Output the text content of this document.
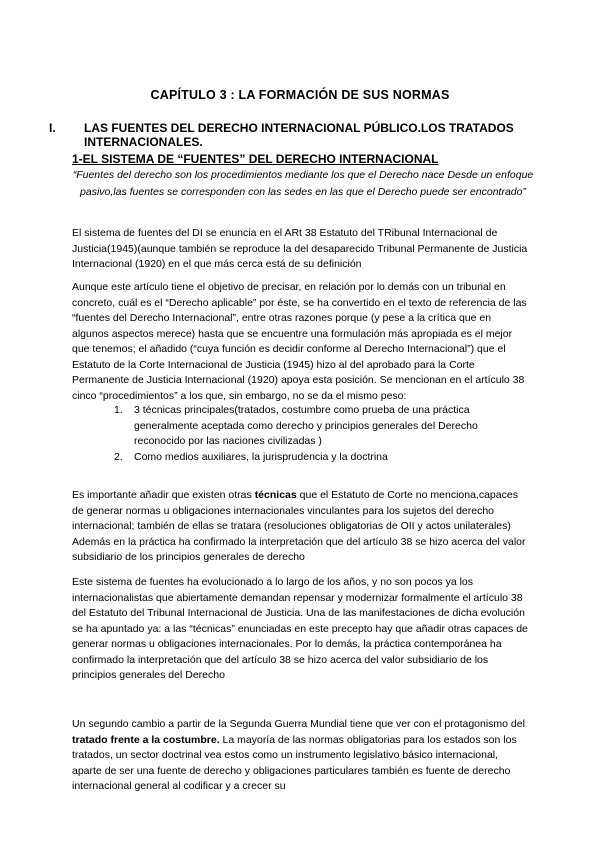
CAPÍTULO 3 : LA FORMACIÓN DE SUS NORMAS
I. LAS FUENTES DEL DERECHO INTERNACIONAL PÚBLICO.LOS TRATADOS INTERNACIONALES.
1-EL SISTEMA DE “FUENTES” DEL DERECHO INTERNACIONAL

“Fuentes del derecho son los procedimientos mediante los que el Derecho nace Desde un enfoque pasivo,las fuentes se corresponden con las sedes en las que el Derecho puede ser encontrado”

El sistema de fuentes del DI se enuncia en el ARt 38 Estatuto del TRibunal Internacional de Justicia(1945)(aunque también se reproduce la del desaparecido Tribunal Permanente de Justicia Internacional (1920) en el que más cerca está de su definición

Aunque este artículo tiene el objetivo de precisar, en relación por lo demás con un tribunal en concreto, cuál es el “Derecho aplicable” por éste, se ha convertido en el texto de referencia de las “fuentes del Derecho Internacional”, entre otras razones porque (y pese a la crítica que en algunos aspectos merece) hasta que se encuentre una formulación más apropiada es el mejor que tenemos; el añadido (“cuya función es decidir conforme al Derecho Internacional”) que el Estatuto de la Corte Internacional de Justicia (1945) hizo al del aprobado para la Corte Permanente de Justicia Internacional (1920) apoya esta posición. Se mencionan en el artículo 38 cinco “procedimientos” a los que, sin embargo, no se da el mismo peso:

1. 3 técnicas principales(tratados, costumbre como prueba de una práctica generalmente aceptada como derecho y principios generales del Derecho reconocido por las naciones civilizadas )
2. Como medios auxiliares, la jurisprudencia y la doctrina

Es importante añadir que existen otras técnicas que el Estatuto de Corte no menciona,capaces de generar normas u obligaciones internacionales vinculantes para los sujetos del derecho internacional; también de ellas se tratara (resoluciones obligatorias de OII y actos unilaterales) Además en la práctica ha confirmado la interpretación que del artículo 38 se hizo acerca del valor subsidiario de los principios generales de derecho

Este sistema de fuentes ha evolucionado a lo largo de los años, y no son pocos ya los internacionalistas que abiertamente demandan repensar y modernizar formalmente el artículo 38 del Estatuto del Tribunal Internacional de Justicia. Una de las manifestaciones de dicha evolución se ha apuntado ya: a las “técnicas” enunciadas en este precepto hay que añadir otras capaces de generar normas u obligaciones internacionales. Por lo demás, la práctica contemporánea ha confirmado la interpretación que del artículo 38 se hizo acerca del valor subsidiario de los principios generales del Derecho

Un segundo cambio a partir de la Segunda Guerra Mundial tiene que ver con el protagonismo del tratado frente a la costumbre. La mayoría de las normas obligatorias para los estados son los tratados, un sector doctrinal vea estos como un instrumento legislativo básico internacional, aparte de ser una fuente de derecho y obligaciones particulares también es fuente de derecho internacional general al codificar y a crecer su
